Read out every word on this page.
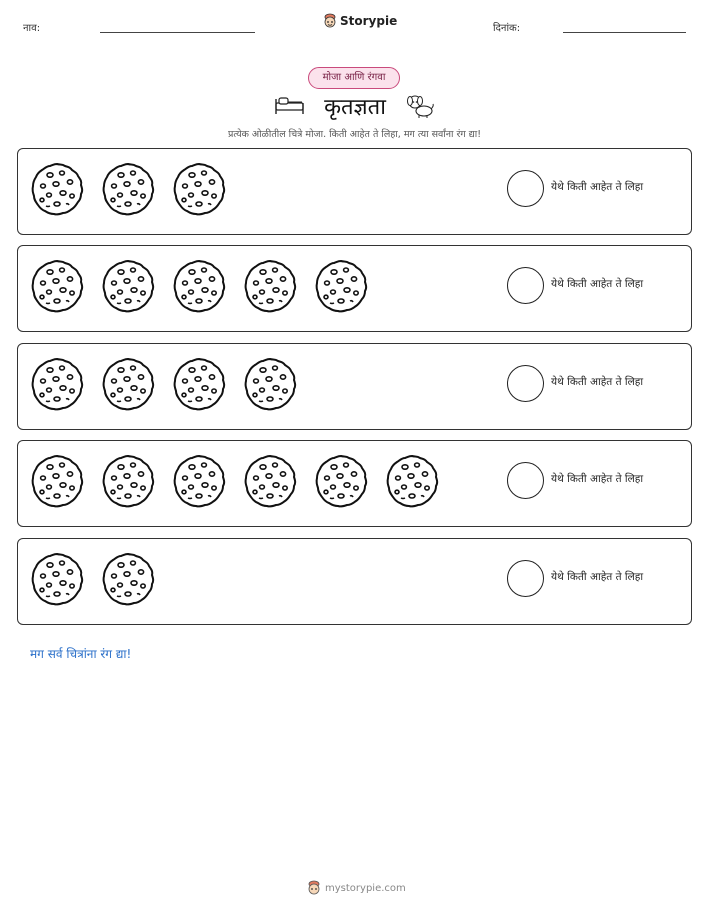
नाव:
Storypie
दिनांक:
मोजा आणि रंगवा
कृतज्ञता
प्रत्येक ओळीतील चित्रे मोजा. किती आहेत ते लिहा, मग त्या सर्वांना रंग द्या!
येथे किती आहेत ते लिहा
येथे किती आहेत ते लिहा
येथे किती आहेत ते लिहा
येथे किती आहेत ते लिहा
येथे किती आहेत ते लिहा
मग सर्व चित्रांना रंग द्या!
mystorypie.com
